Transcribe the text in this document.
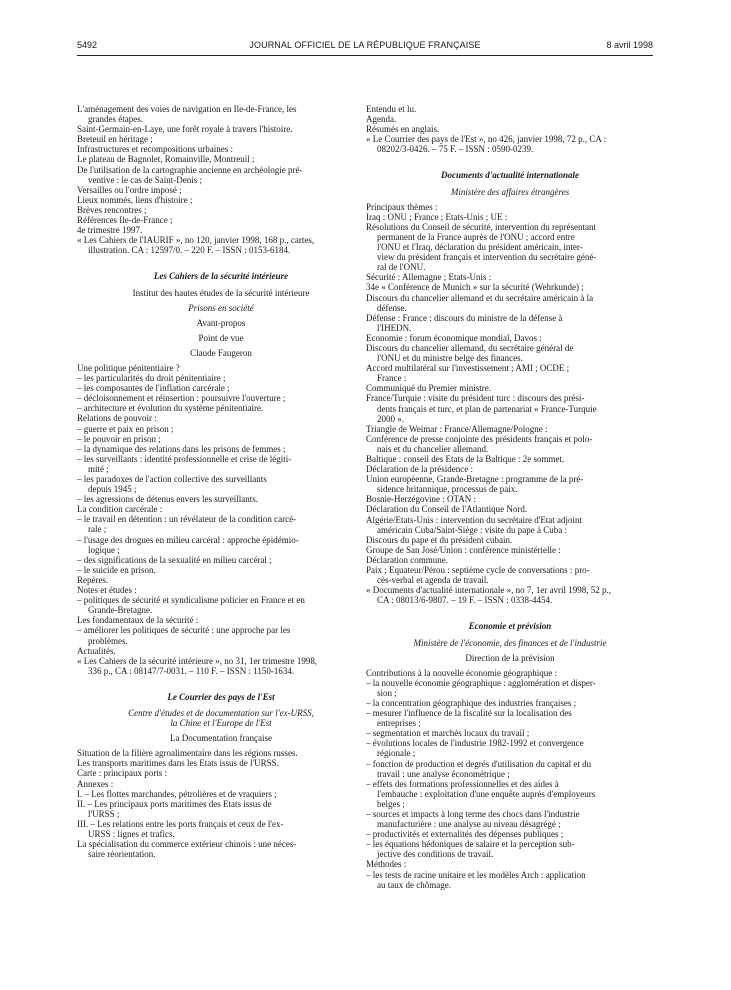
5492	JOURNAL OFFICIEL DE LA RÉPUBLIQUE FRANÇAISE	8 avril 1998
L'aménagement des voies de navigation en Ile-de-France, les
grandes étapes.
Saint-Germain-en-Laye, une forêt royale à travers l'histoire.
Breteuil en héritage ;
Infrastructures et recompositions urbaines :
Le plateau de Bagnolet, Romainville, Montreuil ;
De l'utilisation de la cartographie ancienne en archéologie pré-
ventive : le cas de Saint-Denis ;
Versailles ou l'ordre imposé ;
Lieux nommés, liens d'histoire ;
Brèves rencontres ;
Références Ile-de-France ;
4e trimestre 1997.
« Les Cahiers de l'IAURIF », no 120, janvier 1998, 168 p., cartes,
illustration. CA : 12597/0. – 220 F. – ISSN : 0153-6184.
Les Cahiers de la sécurité intérieure
Institut des hautes études de la sécurité intérieure
Prisons en société
Avant-propos
Point de vue
Claude Faugeron
Une politique pénitentiaire ?
– les particularités du droit pénitentiaire ;
– les composantes de l'inflation carcérale ;
– décloisonnement et réinsertion : poursuivre l'ouverture ;
– architecture et évolution du système pénitentiaire.
Relations de pouvoir :
– guerre et paix en prison ;
– le pouvoir en prison ;
– la dynamique des relations dans les prisons de femmes ;
– les surveillants : identité professionnelle et crise de légiti-
mité ;
– les paradoxes de l'action collective des surveillants
depuis 1945 ;
– les agressions de détenus envers les surveillants.
La condition carcérale :
– le travail en détention : un révélateur de la condition carcé-
rale ;
– l'usage des drogues en milieu carcéral : approche épidémio-
logique ;
– des significations de la sexualité en milieu carcéral ;
– le suicide en prison.
Repères.
Notes et études :
– politiques de sécurité et syndicalisme policier en France et en
Grande-Bretagne.
Les fondamentaux de la sécurité :
– améliorer les politiques de sécurité : une approche par les
problèmes.
Actualités.
« Les Cahiers de la sécurité intérieure », no 31, 1er trimestre 1998,
336 p., CA : 08147/7-0031. – 110 F. – ISSN : 1150-1634.
Le Courrier des pays de l'Est
Centre d'études et de documentation sur l'ex-URSS,
la Chine et l'Europe de l'Est
La Documentation française
Situation de la filière agroalimentaire dans les régions russes.
Les transports maritimes dans les Etats issus de l'URSS.
Carte : principaux ports :
Annexes :
I. – Les flottes marchandes, pétrolières et de vraquiers ;
II. – Les principaux ports maritimes des Etats issus de
l'URSS ;
III. – Les relations entre les ports français et ceux de l'ex-
URSS : lignes et trafics.
La spécialisation du commerce extérieur chinois : une néces-
saire réorientation.
Entendu et lu.
Agenda.
Résumés en anglais.
« Le Courrier des pays de l'Est », no 426, janvier 1998, 72 p., CA :
08202/3-0426. – 75 F. – ISSN : 0590-0239.
Documents d'actualité internationale
Ministère des affaires étrangères
Principaux thèmes :
Iraq : ONU ; France ; Etats-Unis ; UE :
Résolutions du Conseil de sécurité, intervention du représentant
permanent de la France auprès de l'ONU ; accord entre
l'ONU et l'Iraq, déclaration du président américain, inter-
view du président français et intervention du secrétaire géné-
ral de l'ONU.
Sécurité : Allemagne ; Etats-Unis :
34e « Conférence de Munich » sur la sécurité (Wehrkunde) ;
Discours du chancelier allemand et du secrétaire américain à la
défense.
Défense : France : discours du ministre de la défense à
l'IHEDN.
Economie : forum économique mondial, Davos :
Discours du chancelier allemand, du secrétaire général de
l'ONU et du ministre belge des finances.
Accord multilatéral sur l'investissement ; AMI ; OCDE ;
France :
Communiqué du Premier ministre.
France/Turquie : visite du président turc : discours des prési-
dents français et turc, et plan de partenariat « France-Turquie
2000 ».
Triangle de Weimar : France/Allemagne/Pologne :
Conférence de presse conjointe des présidents français et polo-
nais et du chancelier allemand.
Baltique : conseil des Etats de la Baltique : 2e sommet.
Déclaration de la présidence :
Union européenne, Grande-Bretagne : programme de la pré-
sidence britannique, processus de paix.
Bosnie-Herzégovine : OTAN :
Déclaration du Conseil de l'Atlantique Nord.
Algérie/Etats-Unis : intervention du secrétaire d'Etat adjoint
américain Cuba/Saint-Siège : visite du pape à Cuba :
Discours du pape et du président cubain.
Groupe de San José/Union : conférence ministérielle :
Déclaration commune.
Paix ; Equateur/Pérou : septième cycle de conversations : pro-
cès-verbal et agenda de travail.
« Documents d'actualité internationale », no 7, 1er avril 1998, 52 p.,
CA : 08013/6-9807. – 19 F. – ISSN : 0338-4454.
Economie et prévision
Ministère de l'économie, des finances et de l'industrie
Direction de la prévision
Contributions à la nouvelle économie géographique :
– la nouvelle économie géographique : agglomération et disper-
sion ;
– la concentration géographique des industries françaises ;
– mesurer l'influence de la fiscalité sur la localisation des
entreprises ;
– segmentation et marchés locaux du travail ;
– évolutions locales de l'industrie 1982-1992 et convergence
régionale ;
– fonction de production et degrés d'utilisation du capital et du
travail : une analyse économétrique ;
– effets des formations professionnelles et des aides à
l'embauche : exploitation d'une enquête auprès d'employeurs
belges ;
– sources et impacts à long terme des chocs dans l'industrie
manufacturière : une analyse au niveau désagrégé ;
– productivités et externalités des dépenses publiques ;
– les équations hédoniques de salaire et la perception sub-
jective des conditions de travail.
Méthodes :
– les tests de racine unitaire et les modèles Arch : application
au taux de chômage.
